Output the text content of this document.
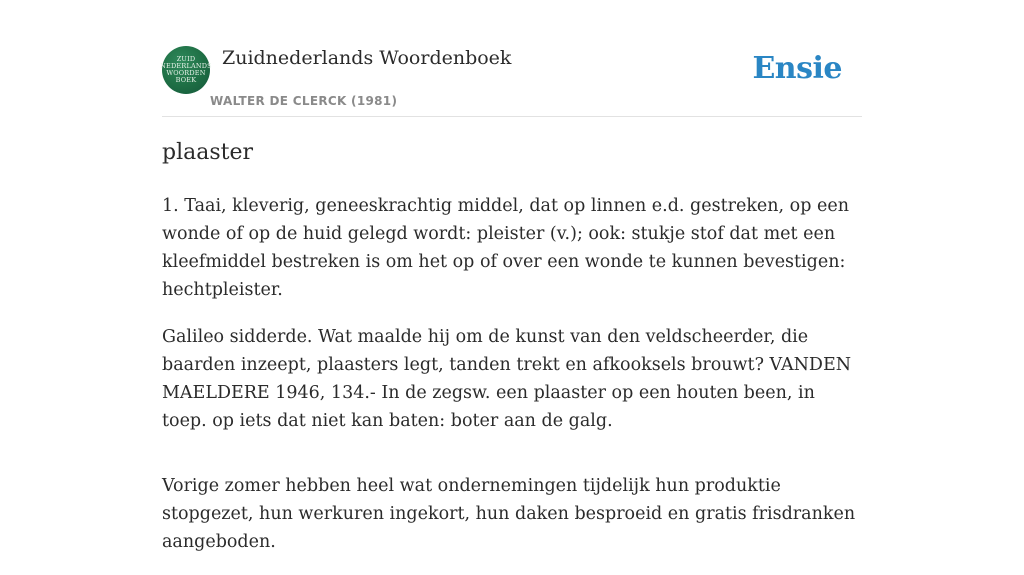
ZUID
NEDERLANDS
WOORDEN
BOEK
Zuidnederlands Woordenboek
WALTER DE CLERCK (1981)
Ensie
plaaster

1. Taai, kleverig, geneeskrachtig middel, dat op linnen e.d. gestreken, op een wonde of op de huid gelegd wordt: pleister (v.); ook: stukje stof dat met een kleefmiddel bestreken is om het op of over een wonde te kunnen bevestigen: hechtpleister.

Galileo sidderde. Wat maalde hij om de kunst van den veldscheerder, die baarden inzeept, plaasters legt, tanden trekt en afkooksels brouwt? VANDEN MAELDERE 1946, 134.- In de zegsw. een plaaster op een houten been, in toep. op iets dat niet kan baten: boter aan de galg.

Vorige zomer hebben heel wat ondernemingen tijdelijk hun produktie stopgezet, hun werkuren ingekort, hun daken besproeid en gratis frisdranken aangeboden.
